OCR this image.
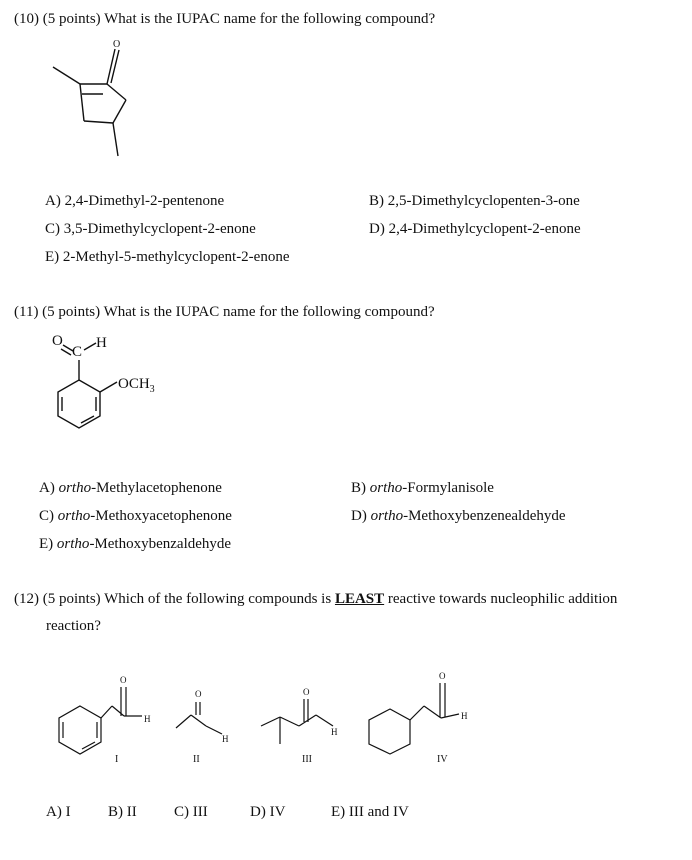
(10) (5 points) What is the IUPAC name for the following compound?
O
A) 2,4-Dimethyl-2-pentenone	B) 2,5-Dimethylcyclopenten-3-one
C) 3,5-Dimethylcyclopent-2-enone	D) 2,4-Dimethylcyclopent-2-enone
E) 2-Methyl-5-methylcyclopent-2-enone
(11) (5 points) What is the IUPAC name for the following compound?
O
C
H
$OCH_3$
A) ortho-Methylacetophenone	B) ortho-Formylanisole
C) ortho-Methoxyacetophenone	D) ortho-Methoxybenzenealdehyde
E) ortho-Methoxybenzaldehyde
(12) (5 points) Which of the following compounds is LEAST reactive towards nucleophilic addition
reaction?
O
H
O
H
O
H
O
H
I	II	III	IV
A) I B) II C) III	D) IV	E) III and IV
